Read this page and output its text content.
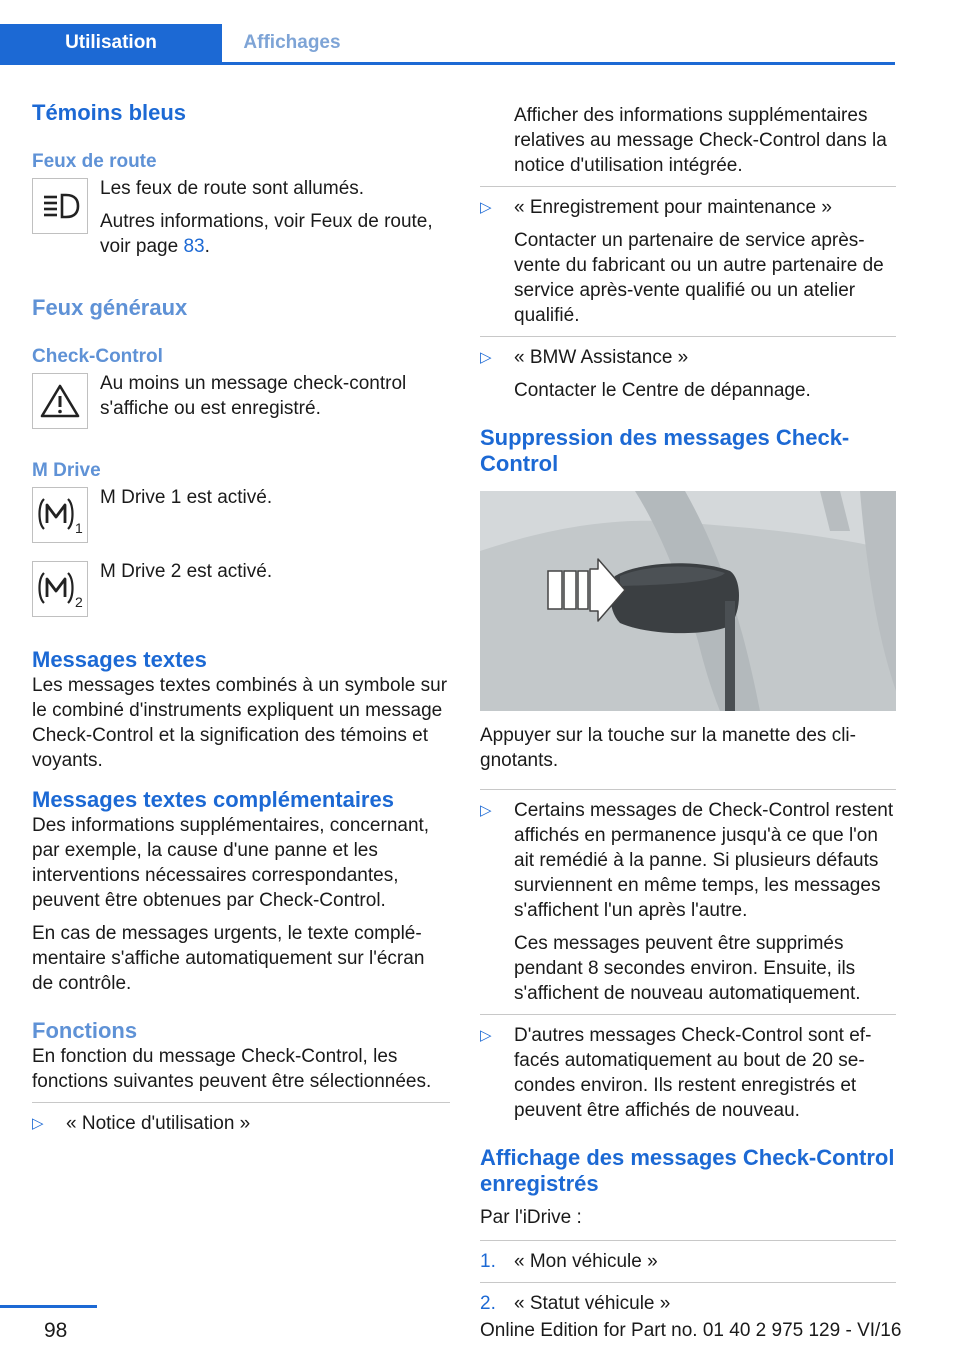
Utilisation	Affichages
Témoins bleus
Feux de route

Les feux de route sont allumés.

Autres informations, voir Feux de route, voir page 83.

Feux généraux
Check-Control

Au moins un message check-control s'affiche ou est enregistré.

M Drive
1

M Drive 1 est activé.

2

M Drive 2 est activé.

Messages textes

Les messages textes combinés à un symbole sur le combiné d'instruments expliquent un message Check-Control et la signification des témoins et voyants.

Messages textes complémentaires

Des informations supplémentaires, concernant, par exemple, la cause d'une panne et les interventions nécessaires correspondantes, peuvent être obtenues par Check-Control.

En cas de messages urgents, le texte complémentaire s'affiche automatiquement sur l'écran de contrôle.

Fonctions

En fonction du message Check-Control, les fonctions suivantes peuvent être sélectionnées.

▷	« Notice d'utilisation »

Afficher des informations supplémentaires relatives au message Check-Control dans la notice d'utilisation intégrée.

▷	« Enregistrement pour maintenance »

Contacter un partenaire de service après-vente du fabricant ou un autre partenaire de service après-vente qualifié ou un atelier qualifié.

▷	« BMW Assistance »

Contacter le Centre de dépannage.

Suppression des messages Check-Control

Appuyer sur la touche sur la manette des clignotants.

▷	Certains messages de Check-Control restent affichés en permanence jusqu'à ce que l'on ait remédié à la panne. Si plusieurs défauts surviennent en même temps, les messages s'affichent l'un après l'autre.

Ces messages peuvent être supprimés pendant 8 secondes environ. Ensuite, ils s'affichent de nouveau automatiquement.

▷	D'autres messages Check-Control sont effacés automatiquement au bout de 20 secondes environ. Ils restent enregistrés et peuvent être affichés de nouveau.

Affichage des messages Check-Control enregistrés

Par l'iDrive :

1. « Mon véhicule »

2. « Statut véhicule »

98	Online Edition for Part no. 01 40 2 975 129 - VI/16
